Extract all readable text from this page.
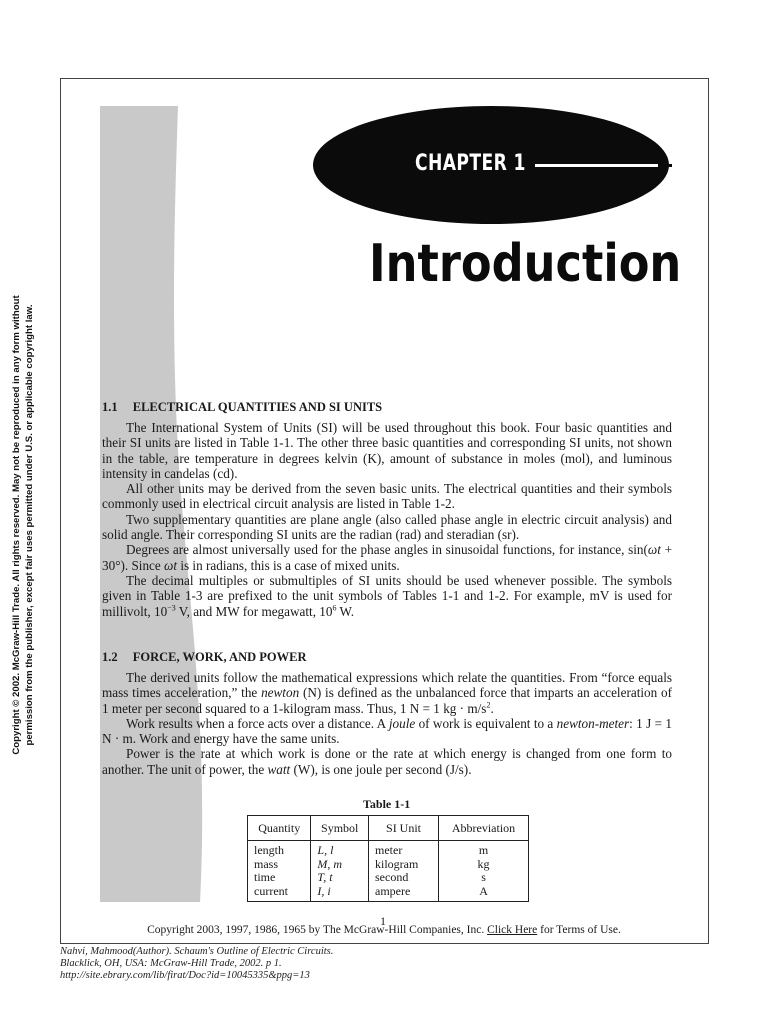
Copyright © 2002. McGraw-Hill Trade. All rights reserved. May not be reproduced in any form without permission from the publisher, except fair uses permitted under U.S. or applicable copyright law.
CHAPTER 1
Introduction
1.1 ELECTRICAL QUANTITIES AND SI UNITS

The International System of Units (SI) will be used throughout this book. Four basic quantities and their SI units are listed in Table 1-1. The other three basic quantities and corresponding SI units, not shown in the table, are temperature in degrees kelvin (K), amount of substance in moles (mol), and luminous intensity in candelas (cd).

All other units may be derived from the seven basic units. The electrical quantities and their symbols commonly used in electrical circuit analysis are listed in Table 1-2.

Two supplementary quantities are plane angle (also called phase angle in electric circuit analysis) and solid angle. Their corresponding SI units are the radian (rad) and steradian (sr).

Degrees are almost universally used for the phase angles in sinusoidal functions, for instance, sin(ωt + 30°). Since ωt is in radians, this is a case of mixed units.

The decimal multiples or submultiples of SI units should be used whenever possible. The symbols given in Table 1-3 are prefixed to the unit symbols of Tables 1-1 and 1-2. For example, mV is used for millivolt, $10^{-3}$ V, and MW for megawatt, $10^6$ W.

1.2 FORCE, WORK, AND POWER

The derived units follow the mathematical expressions which relate the quantities. From “force equals mass times acceleration,” the newton (N) is defined as the unbalanced force that imparts an acceleration of 1 meter per second squared to a 1-kilogram mass. Thus, 1 N = 1 kg · $m/s^2$.

Work results when a force acts over a distance. A joule of work is equivalent to a newton-meter: 1 J = 1 N · m. Work and energy have the same units.

Power is the rate at which work is done or the rate at which energy is changed from one form to another. The unit of power, the watt (W), is one joule per second (J/s).

Table 1-1
Quantity	Symbol	SI Unit	Abbreviation
length	L, l	meter	m
mass	M, m	kilogram	kg
time	T, t	second	s
current	I, i	ampere	A
1
Copyright 2003, 1997, 1986, 1965 by The McGraw-Hill Companies, Inc. Click Here for Terms of Use.
Nahvi, Mahmood(Author). Schaum's Outline of Electric Circuits.
Blacklick, OH, USA: McGraw-Hill Trade, 2002. p 1.
http://site.ebrary.com/lib/firat/Doc?id=10045335&ppg=13
